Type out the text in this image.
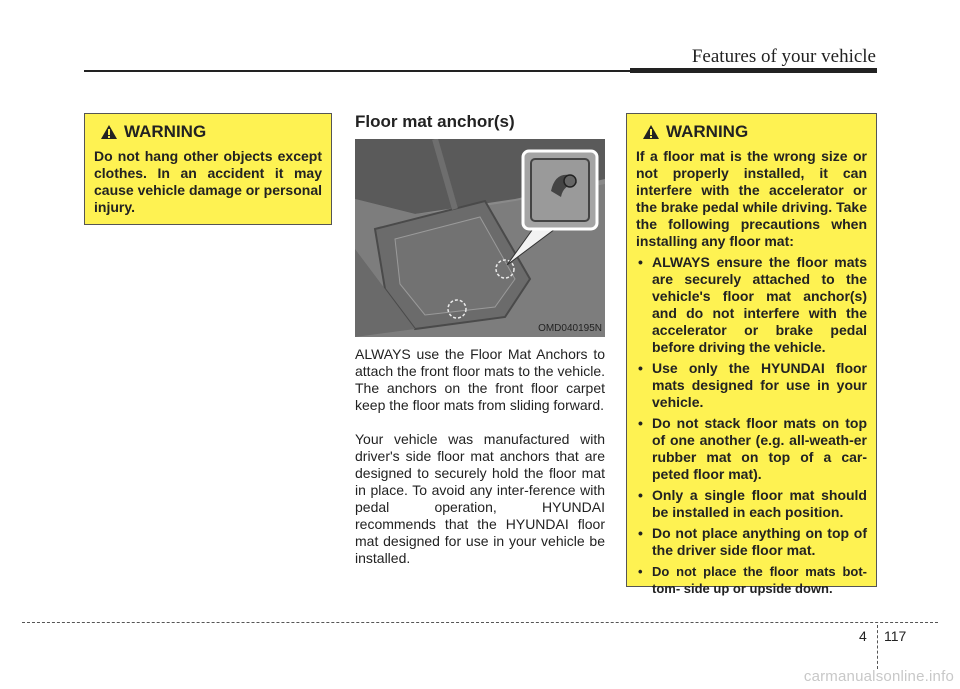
Features of your vehicle
WARNING

Do not hang other objects except clothes. In an accident it may cause vehicle damage or personal injury.

Floor mat anchor(s)
OMD040195N

ALWAYS use the Floor Mat Anchors to attach the front floor mats to the vehicle. The anchors on the front floor carpet keep the floor mats from sliding forward.

Your vehicle was manufactured with driver's side floor mat anchors that are designed to securely hold the floor mat in place. To avoid any inter-ference with pedal operation, HYUNDAI recommends that the HYUNDAI floor mat designed for use in your vehicle be installed.

WARNING

If a floor mat is the wrong size or not properly installed, it can interfere with the accelerator or the brake pedal while driving. Take the following precautions when installing any floor mat:

• ALWAYS ensure the floor mats are securely attached to the vehicle's floor mat anchor(s) and do not interfere with the accelerator or brake pedal before driving the vehicle.
• Use only the HYUNDAI floor mats designed for use in your vehicle.
• Do not stack floor mats on top of one another (e.g. all-weath-er rubber mat on top of a car-peted floor mat).
• Only a single floor mat should be installed in each position.
• Do not place anything on top of the driver side floor mat.
• Do not place the floor mats bot-tom- side up or upside down.
4 117
carmanualsonline.info
